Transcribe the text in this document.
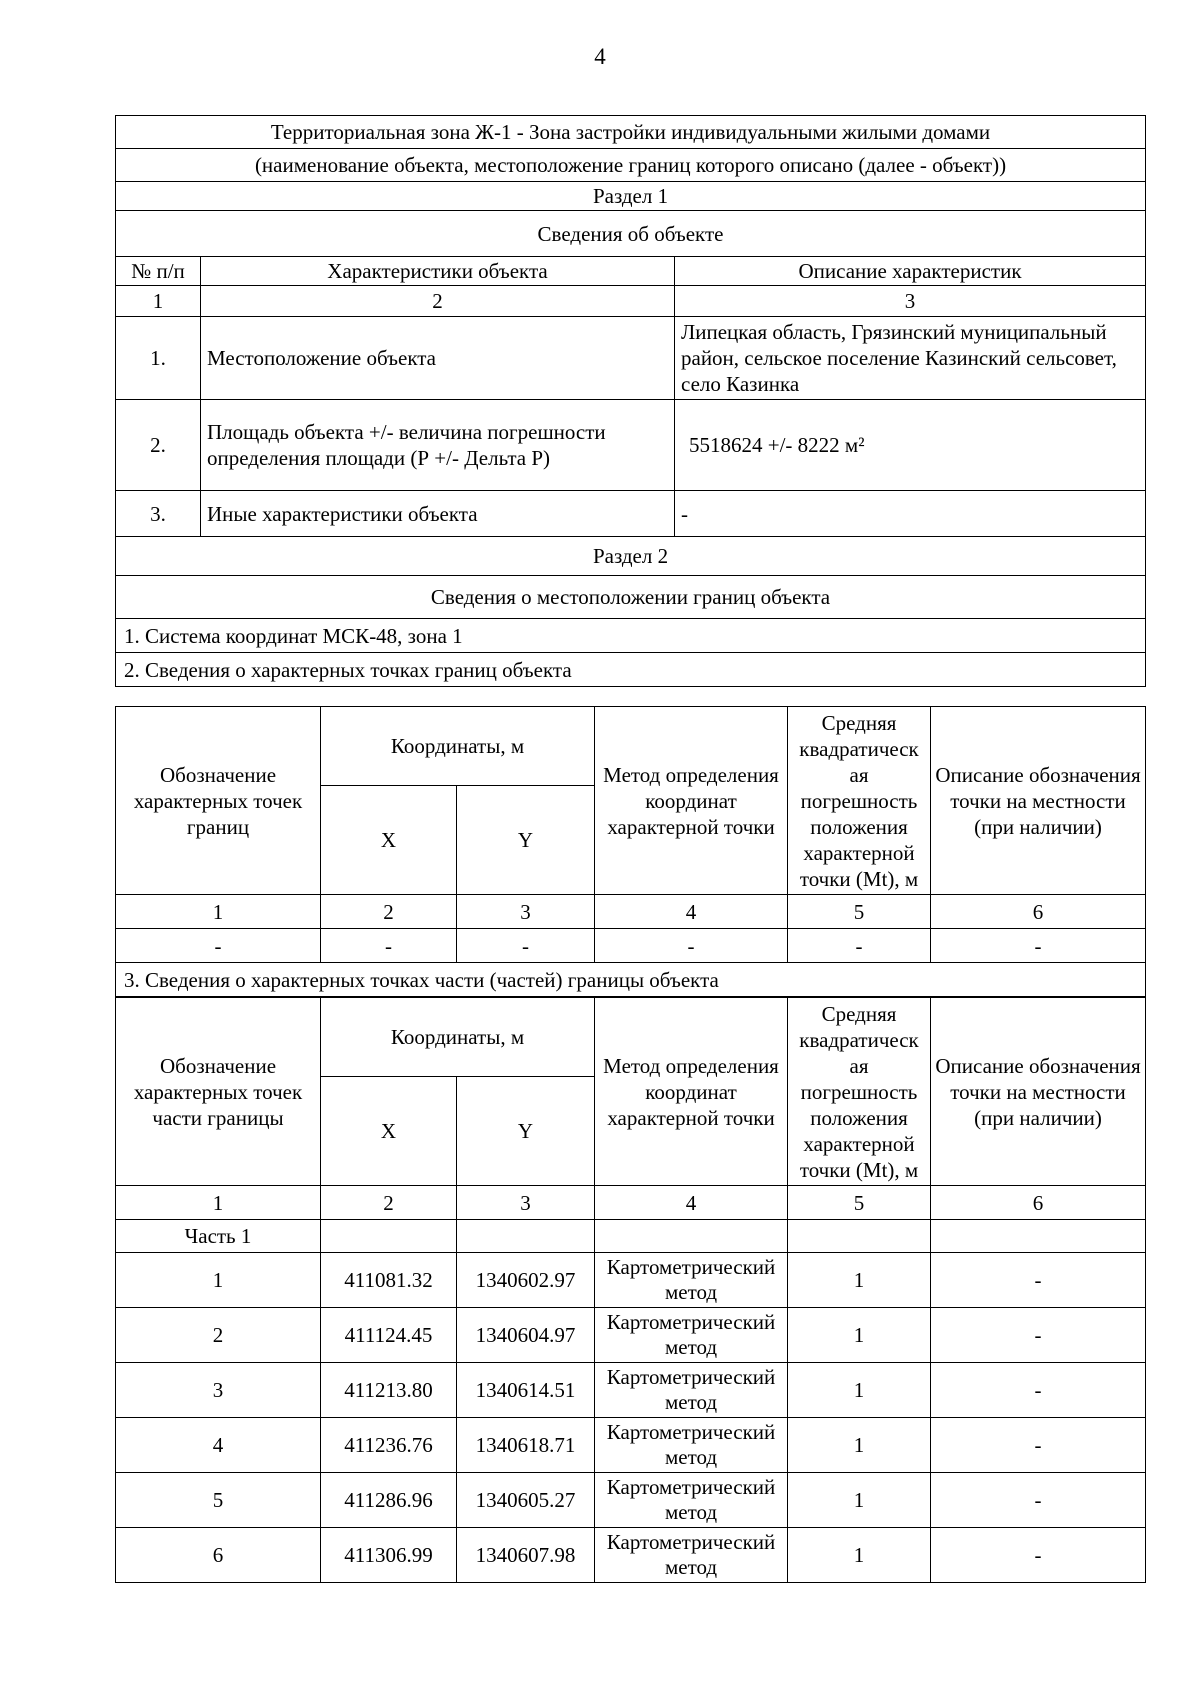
4
Территориальная зона Ж-1 - Зона застройки индивидуальными жилыми домами		
(наименование объекта, местоположение границ которого описано (далее - объект))		
Раздел 1		
Сведения об объекте		
№ п/п	Характеристики объекта	Описание характеристик
1	2	3
1.	Местоположение объекта	Липецкая область, Грязинский муниципальный район, сельское поселение Казинский сельсовет, село Казинка
2.	Площадь объекта +/- величина погрешности определения площади (Р +/- Дельта Р)	5518624 +/- 8222 м²
3.	Иные характеристики объекта	-
Раздел 2		
Сведения о местоположении границ объекта		
1. Система координат МСК-48, зона 1		
2. Сведения о характерных точках границ объекта		
Обозначение характерных точек границ	Координаты, м		Метод определения координат характерной точки	Средняя квадратическ ая погрешность положения характерной точки (Mt), м	Описание обозначения точки на местности (при наличии)
	X	Y			
1	2	3	4	5	6
-	-	-	-	-	-
3. Сведения о характерных точках части (частей) границы объекта					
Обозначение характерных точек части границы	Координаты, м		Метод определения координат характерной точки	Средняя квадратическ ая погрешность положения характерной точки (Mt), м	Описание обозначения точки на местности (при наличии)
	X	Y			
1	2	3	4	5	6
Часть 1					
1	411081.32	1340602.97	Картометрический метод	1	-
2	411124.45	1340604.97	Картометрический метод	1	-
3	411213.80	1340614.51	Картометрический метод	1	-
4	411236.76	1340618.71	Картометрический метод	1	-
5	411286.96	1340605.27	Картометрический метод	1	-
6	411306.99	1340607.98	Картометрический метод	1	-
